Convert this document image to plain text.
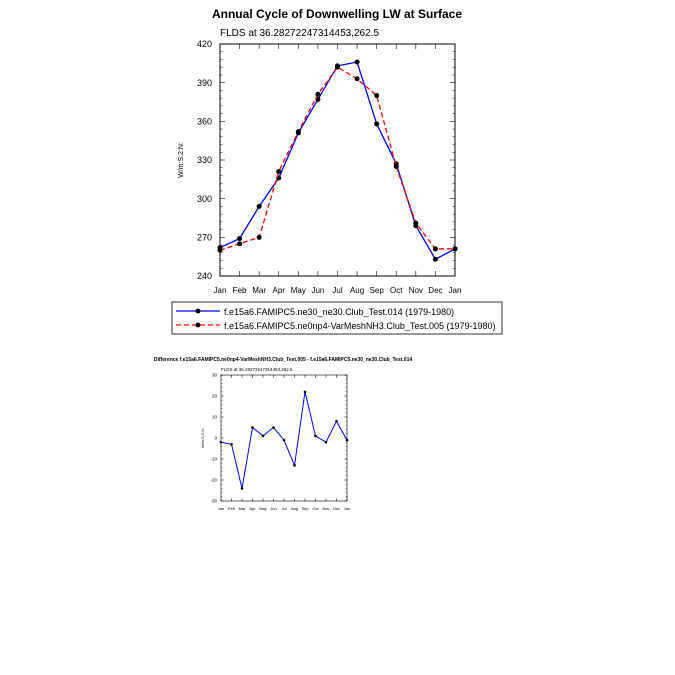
Annual Cycle of Downwelling LW at Surface
FLDS at 36.28272247314453,262.5
240
270
300
330
360
390
420
Jan Feb Mar Apr May Jun Jul Aug Sep Oct Nov Dec Jan
W/m:S:2:N:
f.e15a6.FAMIPC5.ne30_ne30.Club_Test.014 (1979-1980)
f.e15a6.FAMIPC5.ne0np4-VarMeshNH3.Club_Test.005 (1979-1980)
Difference f.e15a6.FAMIPC5.ne0np4-VarMeshNH3.Club_Test.005 - f.e15a6.FAMIPC5.ne30_ne30.Club_Test.014
FLDS at 36.28272247314453,262.5
-30
-20
-10
0
10
20
30
Jan Feb Mar Apr May Jun Jul Aug Sep Oct Nov Dec Jan
W/m:S:2:N:
